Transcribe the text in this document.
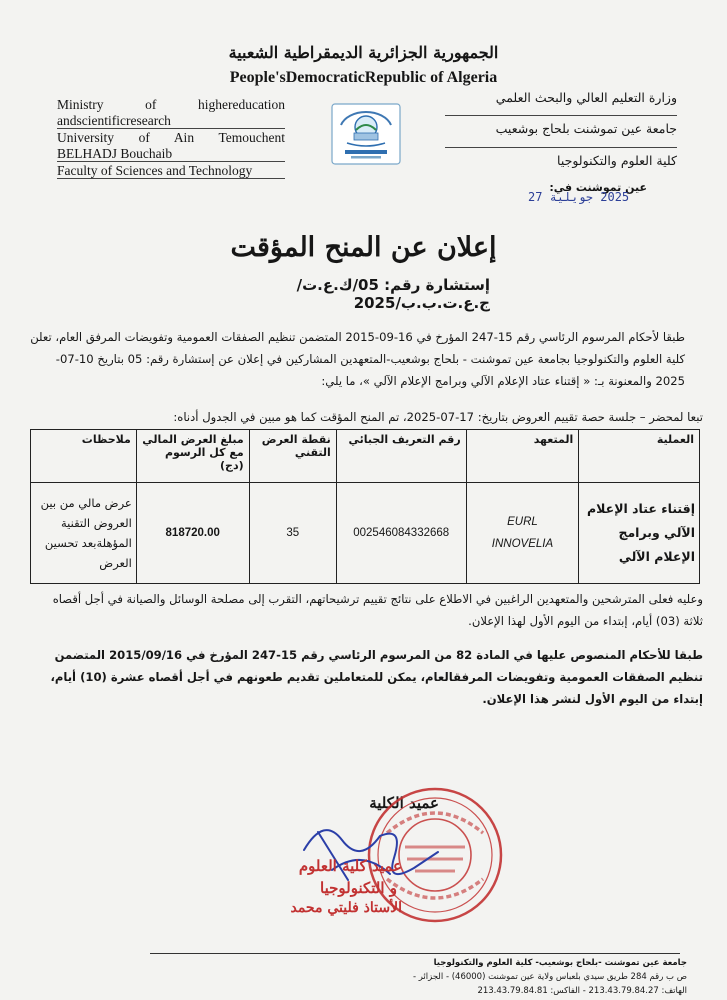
الجمهورية الجزائرية الديمقراطية الشعبية
People'sDemocraticRepublic of Algeria
Ministry	of	highereducation
andscientificresearch
University of Ain Temouchent
BELHADJ Bouchaib
Faculty of Sciences and Technology
وزارة التعليم العالي والبحث العلمي
جامعة عين تموشنت بلحاج بوشعيب
كلية العلوم والتكنولوجيا
عين تموشنت في:
2025 جويلية 27
إعلان عن المنح المؤقت
إستشارة رقم: 05/ك.ع.ت/ج.ع.ت.ب.ب/2025
طبقا لأحكام المرسوم الرئاسي رقم 15-247 المؤرخ في 16-09-2015 المتضمن تنظيم الصفقات العمومية وتفويضات المرفق العام، تعلن كلية العلوم والتكنولوجيا بجامعة عين تموشنت - بلحاج بوشعيب-المتعهدين المشاركين في إعلان عن إستشارة رقم: 05 بتاريخ 10-07-2025 والمعنونة بـ: « إقتناء عتاد الإعلام الآلي وبرامج الإعلام الآلي »، ما يلي:
تبعا لمحضر – جلسة حصة تقييم العروض بتاريخ: 17-07-2025، تم المنح المؤقت كما هو مبين في الجدول أدناه:
العملية	المتعهد	رقم التعريف الجبائي	نقطة العرض التقني	مبلغ العرض المالي مع كل الرسوم (دج)	ملاحظات
إقتناء عتاد الإعلام الآلي وبرامج الإعلام الآلي	EURL
INNOVELIA	002546084332668	35	818720.00	عرض مالي من بين العروض التقنية المؤهلةبعد تحسين العرض
وعليه فعلى المترشحين والمتعهدين الراغبين في الاطلاع على نتائج تقييم ترشيحاتهم، التقرب إلى مصلحة الوسائل والصيانة في أجل أقصاه ثلاثة (03) أيام، إبتداء من اليوم الأول لهذا الإعلان.
طبقا للأحكام المنصوص عليها في المادة 82 من المرسوم الرئاسي رقم 15-247 المؤرخ في 2015/09/16 المتضمن تنظيم الصفقات العمومية وتفويضات المرفقالعام، يمكن للمتعاملين تقديم طعونهم في أجل أقصاه عشرة (10) أيام، إبتداء من اليوم الأول لنشر هذا الإعلان.
عميد الكلية
عميد كلية العلوم
و التكنولوجيا
الأستاذ فليتي محمد
جامعة عين تموشنت -بلحاج بوشعيب- كلية العلوم والتكنولوجيا
ص ب رقم 284 طريق سيدي بلعباس ولاية عين تموشنت (46000) - الجزائر -
الهاتف: 213.43.79.84.27 - الفاكس: 213.43.79.84.81
